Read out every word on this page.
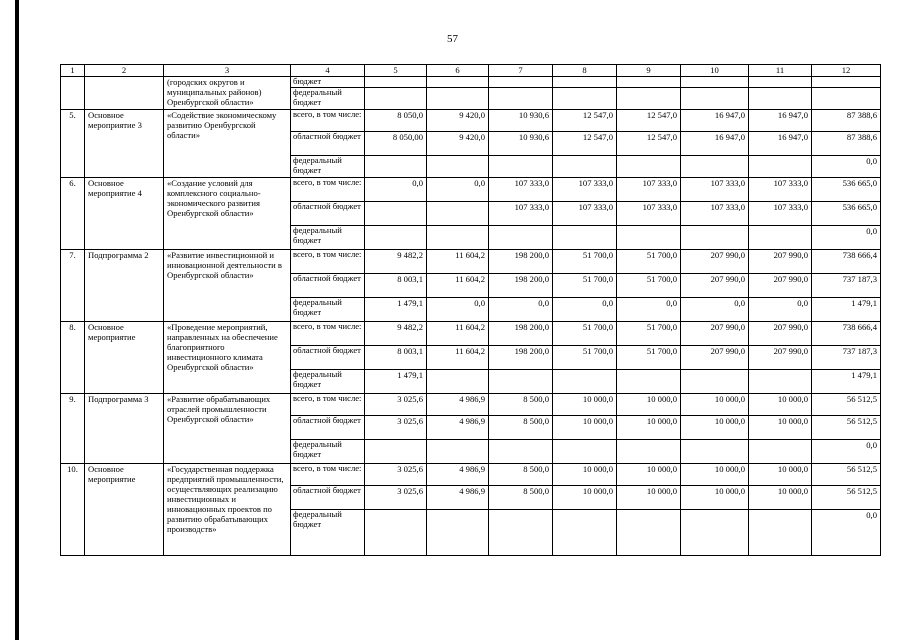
57
1	2	3	4	5	6	7	8	9	10	11	12
		(городских округов и муниципальных районов) Оренбургской области»	бюджет								
			федеральный бюджет								
5.	Основное мероприятие 3	«Содействие экономическому развитию Оренбургской области»	всего, в том числе:	8 050,0	9 420,0	10 930,6	12 547,0	12 547,0	16 947,0	16 947,0	87 388,6
			областной бюджет	8 050,00	9 420,0	10 930,6	12 547,0	12 547,0	16 947,0	16 947,0	87 388,6
			федеральный бюджет								0,0
6.	Основное мероприятие 4	«Создание условий для комплексного социально-экономического развития Оренбургской области»	всего, в том числе:	0,0	0,0	107 333,0	107 333,0	107 333,0	107 333,0	107 333,0	536 665,0
			областной бюджет			107 333,0	107 333,0	107 333,0	107 333,0	107 333,0	536 665,0
			федеральный бюджет								0,0
7.	Подпрограмма 2	«Развитие инвестиционной и инновационной деятельности в Оренбургской области»	всего, в том числе:	9 482,2	11 604,2	198 200,0	51 700,0	51 700,0	207 990,0	207 990,0	738 666,4
			областной бюджет	8 003,1	11 604,2	198 200,0	51 700,0	51 700,0	207 990,0	207 990,0	737 187,3
			федеральный бюджет	1 479,1	0,0	0,0	0,0	0,0	0,0	0,0	1 479,1
8.	Основное мероприятие	«Проведение мероприятий, направленных на обеспечение благоприятного инвестиционного климата Оренбургской области»	всего, в том числе:	9 482,2	11 604,2	198 200,0	51 700,0	51 700,0	207 990,0	207 990,0	738 666,4
			областной бюджет	8 003,1	11 604,2	198 200,0	51 700,0	51 700,0	207 990,0	207 990,0	737 187,3
			федеральный бюджет	1 479,1							1 479,1
9.	Подпрограмма 3	«Развитие обрабатывающих отраслей промышленности Оренбургской области»	всего, в том числе:	3 025,6	4 986,9	8 500,0	10 000,0	10 000,0	10 000,0	10 000,0	56 512,5
			областной бюджет	3 025,6	4 986,9	8 500,0	10 000,0	10 000,0	10 000,0	10 000,0	56 512,5
			федеральный бюджет								0,0
10.	Основное мероприятие	«Государственная поддержка предприятий промышленности, осуществляющих реализацию инвестиционных и инновационных проектов по развитию обрабатывающих производств»	всего, в том числе:	3 025,6	4 986,9	8 500,0	10 000,0	10 000,0	10 000,0	10 000,0	56 512,5
			областной бюджет	3 025,6	4 986,9	8 500,0	10 000,0	10 000,0	10 000,0	10 000,0	56 512,5
			федеральный бюджет								0,0
